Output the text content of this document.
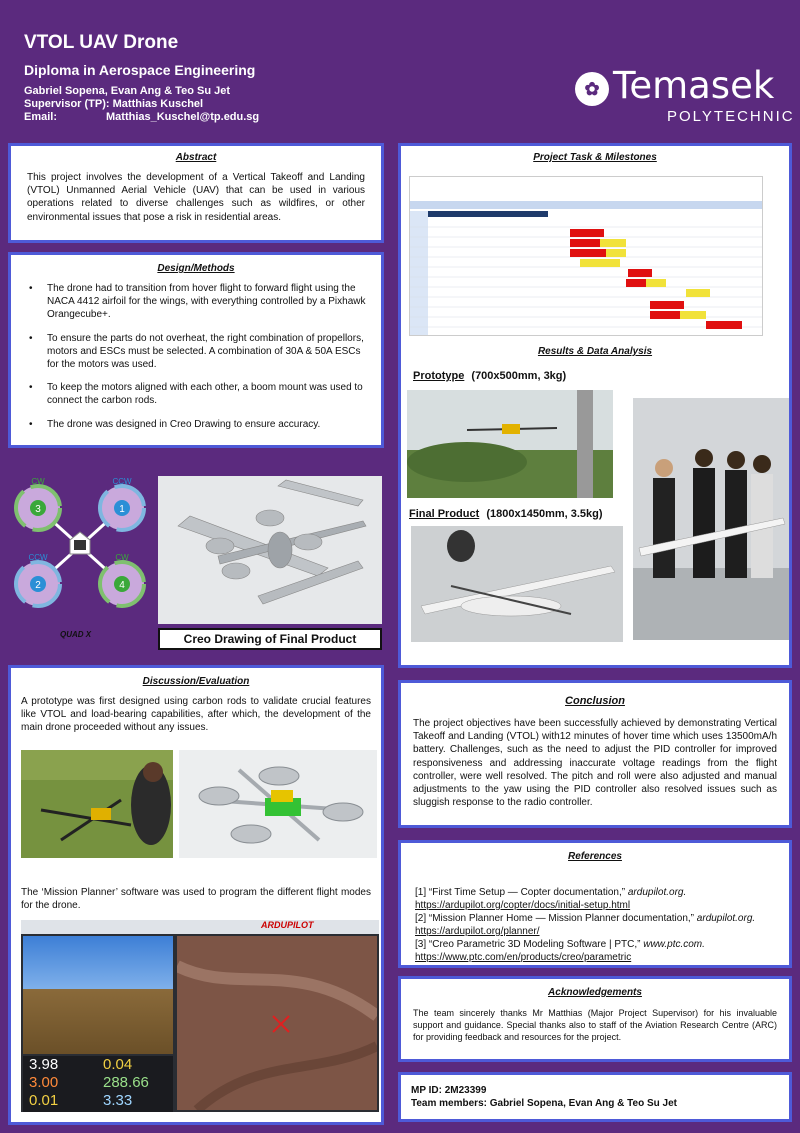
VTOL UAV Drone
Diploma in Aerospace Engineering
Gabriel Sopena, Evan Ang & Teo Su Jet
Supervisor (TP): Matthias Kuschel
Email:	Matthias_Kuschel@tp.edu.sg
✿ Temasek
POLYTECHNIC
Abstract
This project involves the development of a Vertical Takeoff and Landing (VTOL) Unmanned Aerial Vehicle (UAV) that can be used in various operations related to diverse challenges such as wildfires, or other environmental issues that pose a risk in residential areas.
Design/Methods
• The drone had to transition from hover flight to forward flight using the NACA 4412 airfoil for the wings, with everything controlled by a Pixhawk Orangecube+.
• To ensure the parts do not overheat, the right combination of propellors, motors and ESCs must be selected. A combination of 30A & 50A ESCs for the motors was used.
• To keep the motors aligned with each other, a boom mount was used to connect the carbon rods.
• The drone was designed in Creo Drawing to ensure accuracy.
3	1
2	4
CW	CCW
CCW	CW
QUAD X	Creo Drawing of Final Product
Discussion/Evaluation
A prototype was first designed using carbon rods to validate crucial features like VTOL and load-bearing capabilities, after which, the development of the main drone proceeded without any issues.
The ‘Mission Planner’ software was used to program the different flight modes for the drone.
ARDUPILOT
3.98	0.04
3.00	288.66
0.01	3.33
Project Task & Milestones
Results & Data Analysis
Prototype (700x500mm, 3kg)
Final Product (1800x1450mm, 3.5kg)
Conclusion
The project objectives have been successfully achieved by demonstrating Vertical Takeoff and Landing (VTOL) with12 minutes of hover time which uses 13500mA/h battery. Challenges, such as the need to adjust the PID controller for improved responsiveness and addressing inaccurate voltage readings from the flight controller, were well resolved. The pitch and roll were also adjusted and manual adjustments to the yaw using the PID controller also resolved issues such as sluggish response to the radio controller.
References
[1] “First Time Setup — Copter documentation,” ardupilot.org.
https://ardupilot.org/copter/docs/initial-setup.html
[2] “Mission Planner Home — Mission Planner documentation,” ardupilot.org.
https://ardupilot.org/planner/
[3] “Creo Parametric 3D Modeling Software | PTC,” www.ptc.com.
https://www.ptc.com/en/products/creo/parametric
Acknowledgements
The team sincerely thanks Mr Matthias (Major Project Supervisor) for his invaluable support and guidance. Special thanks also to staff of the Aviation Research Centre (ARC) for providing feedback and resources for the project.
MP ID: 2M23399
Team members: Gabriel Sopena, Evan Ang & Teo Su Jet
